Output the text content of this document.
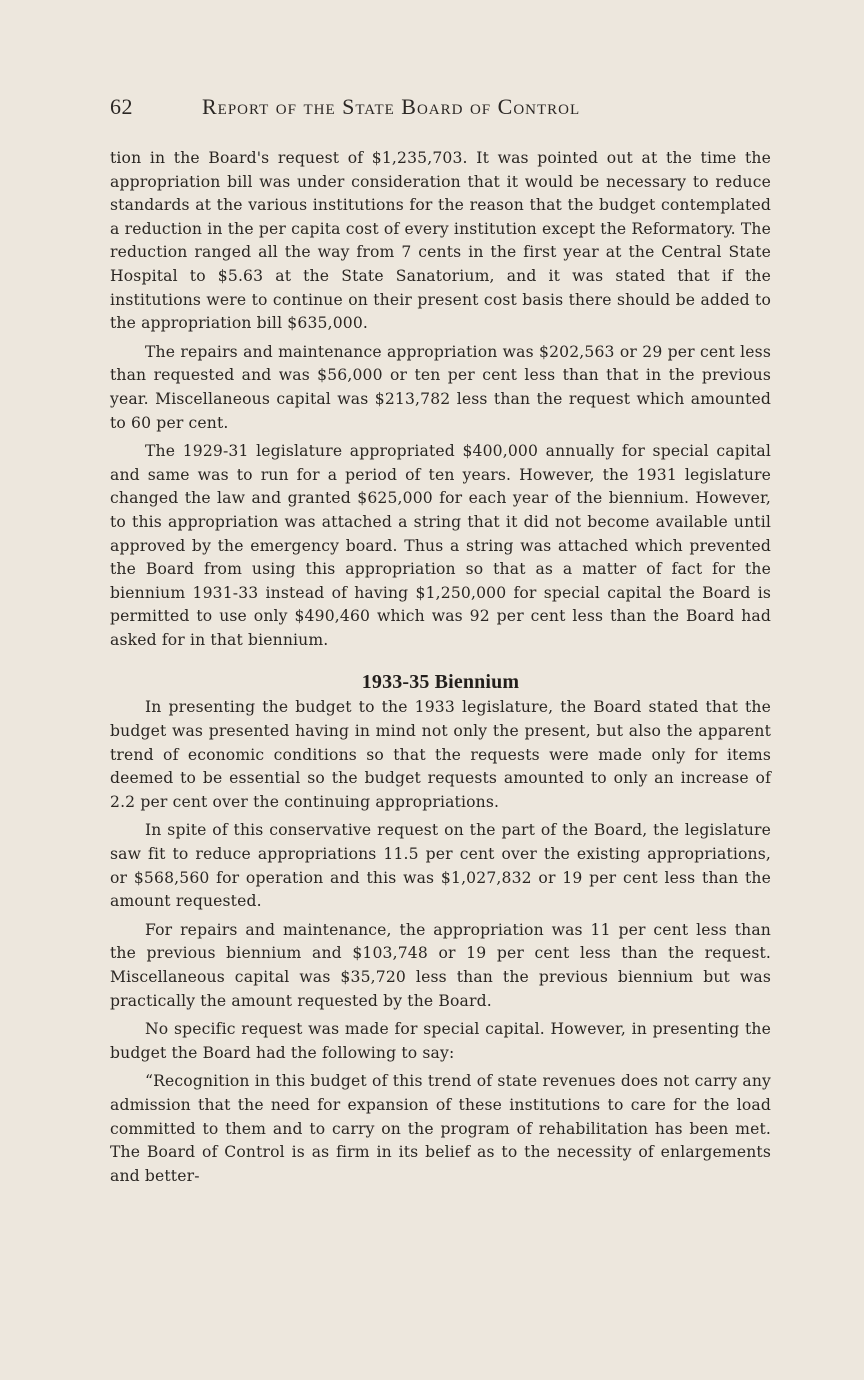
62	Report of the State Board of Control

tion in the Board's request of $1,235,703. It was pointed out at the time the appropriation bill was under consideration that it would be necessary to reduce standards at the various institutions for the reason that the budget contemplated a reduction in the per capita cost of every institution except the Reformatory. The reduction ranged all the way from 7 cents in the first year at the Central State Hospital to $5.63 at the State Sanatorium, and it was stated that if the institutions were to continue on their present cost basis there should be added to the appropriation bill $635,000.

The repairs and maintenance appropriation was $202,563 or 29 per cent less than requested and was $56,000 or ten per cent less than that in the previous year. Miscellaneous capital was $213,782 less than the request which amounted to 60 per cent.

The 1929-31 legislature appropriated $400,000 annually for special capital and same was to run for a period of ten years. However, the 1931 legislature changed the law and granted $625,000 for each year of the biennium. However, to this appropriation was attached a string that it did not become available until approved by the emergency board. Thus a string was attached which prevented the Board from using this appropriation so that as a matter of fact for the biennium 1931-33 instead of having $1,250,000 for special capital the Board is permitted to use only $490,460 which was 92 per cent less than the Board had asked for in that biennium.

1933-35 Biennium

In presenting the budget to the 1933 legislature, the Board stated that the budget was presented having in mind not only the present, but also the apparent trend of economic conditions so that the requests were made only for items deemed to be essential so the budget requests amounted to only an increase of 2.2 per cent over the continuing appropriations.

In spite of this conservative request on the part of the Board, the legislature saw fit to reduce appropriations 11.5 per cent over the existing appropriations, or $568,560 for operation and this was $1,027,832 or 19 per cent less than the amount requested.

For repairs and maintenance, the appropriation was 11 per cent less than the previous biennium and $103,748 or 19 per cent less than the request. Miscellaneous capital was $35,720 less than the previous biennium but was practically the amount requested by the Board.

No specific request was made for special capital. However, in presenting the budget the Board had the following to say:

“Recognition in this budget of this trend of state revenues does not carry any admission that the need for expansion of these institutions to care for the load committed to them and to carry on the program of rehabilitation has been met. The Board of Control is as firm in its belief as to the necessity of enlargements and better-
